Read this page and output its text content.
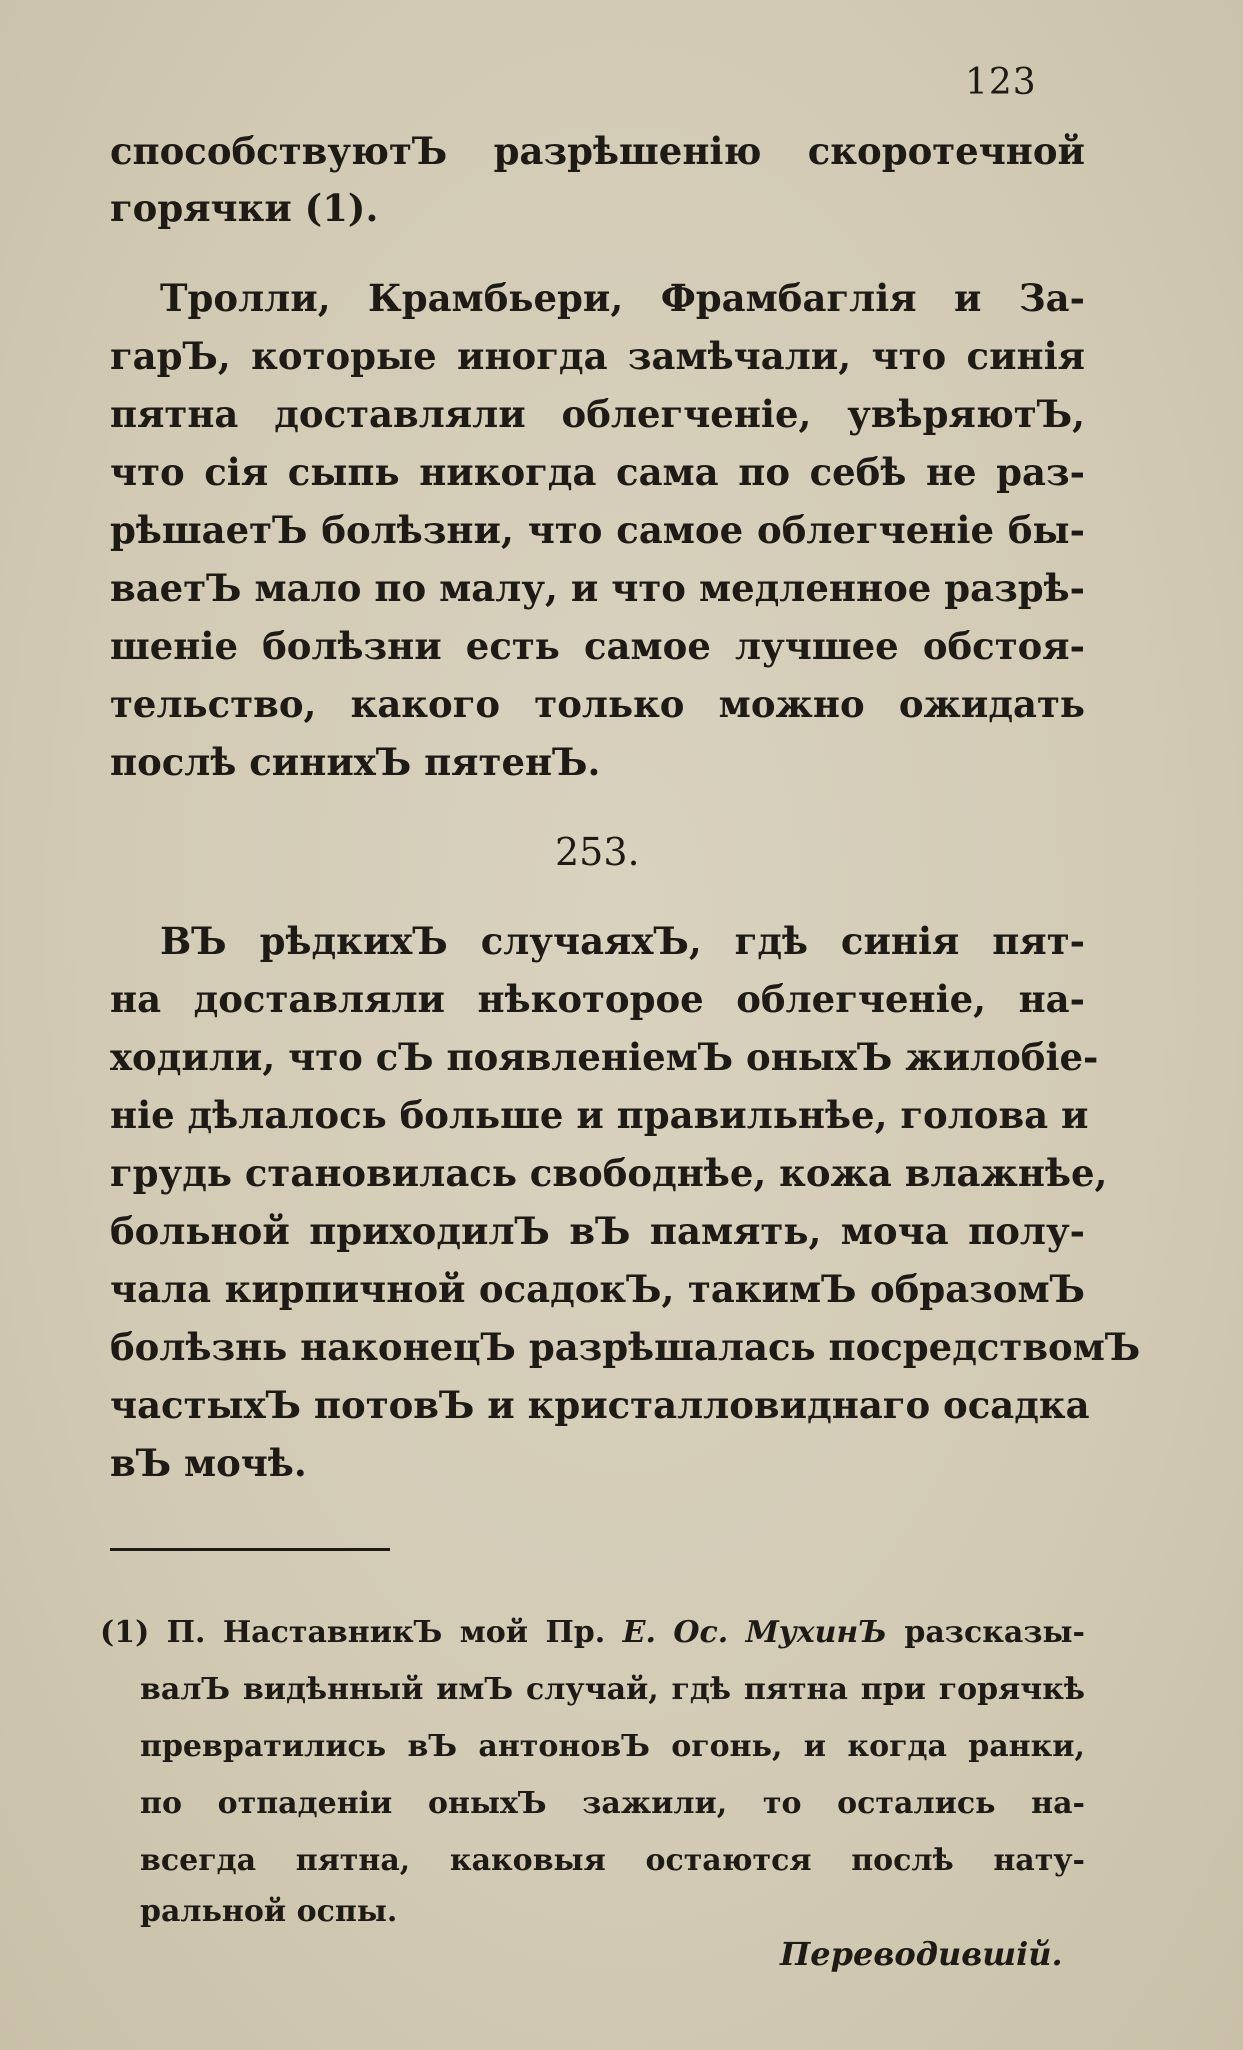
123
способствуютЪ разрѣшенію скоротечной
горячки (1).
Тролли, Крамбьери, Фрамбаглія и За-
гарЪ, которые иногда замѣчали, что синія
пятна доставляли облегченіе, увѣряютЪ,
что сія сыпь никогда сама по себѣ не раз-
рѣшаетЪ болѣзни, что самое облегченіе бы-
ваетЪ мало по малу, и что медленное разрѣ-
шеніе болѣзни есть самое лучшее обстоя-
тельство, какого только можно ожидать
послѣ синихЪ пятенЪ.
253.
ВЪ рѣдкихЪ случаяхЪ, гдѣ синія пят-
на доставляли нѣкоторое облегченіе, на-
ходили, что сЪ появленіемЪ оныхЪ жилобіе-
ніе дѣлалось больше и правильнѣе, голова и
грудь становилась свободнѣе, кожа влажнѣе,
больной приходилЪ вЪ память, моча полу-
чала кирпичной осадокЪ, такимЪ образомЪ
болѣзнь наконецЪ разрѣшалась посредствомЪ
частыхЪ потовЪ и кристалловиднаго осадка
вЪ мочѣ.
(1) П. НаставникЪ мой Пр. Е. Ос. МухинЪ разсказы-
валЪ видѣнный имЪ случай, гдѣ пятна при горячкѣ
превратились вЪ антоновЪ огонь, и когда ранки,
по отпаденіи оныхЪ зажили, то остались на-
всегда пятна, каковыя остаются послѣ нату-
ральной оспы.
Переводившій.
